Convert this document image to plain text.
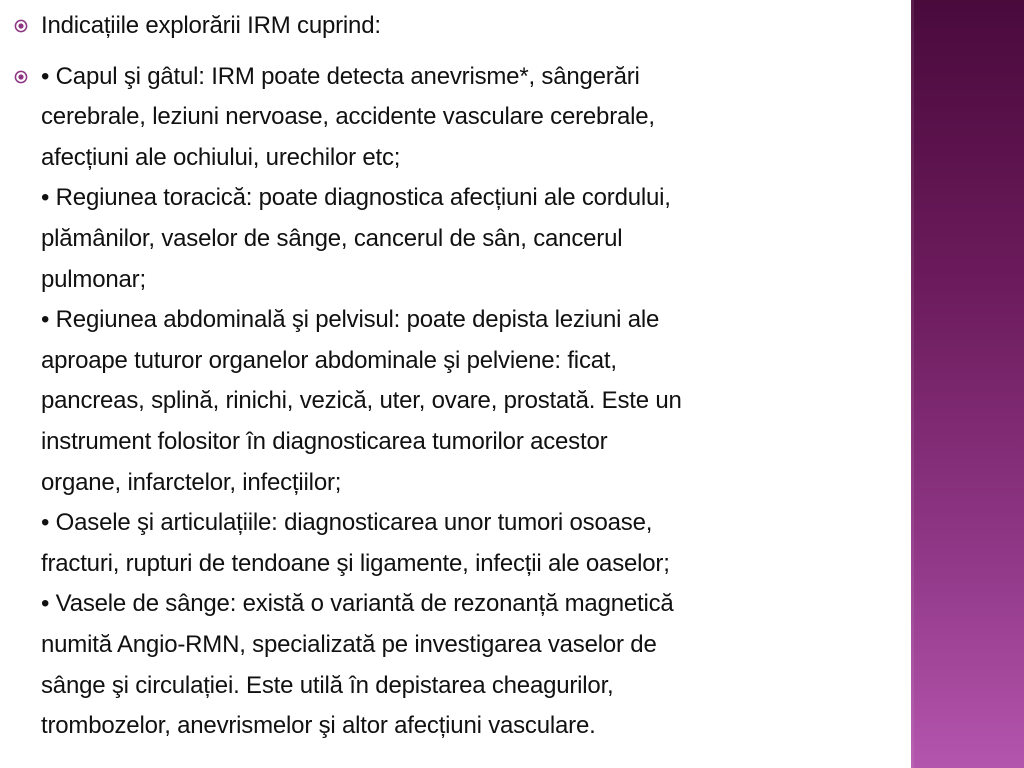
Indicațiile explorării IRM cuprind:
• Capul şi gâtul: IRM poate detecta anevrisme*, sângerări
cerebrale, leziuni nervoase, accidente vasculare cerebrale,
afecțiuni ale ochiului, urechilor etc;
• Regiunea toracică: poate diagnostica afecțiuni ale cordului,
plămânilor, vaselor de sânge, cancerul de sân, cancerul
pulmonar;
• Regiunea abdominală şi pelvisul: poate depista leziuni ale
aproape tuturor organelor abdominale şi pelviene: ficat,
pancreas, splină, rinichi, vezică, uter, ovare, prostată. Este un
instrument folositor în diagnosticarea tumorilor acestor
organe, infarctelor, infecțiilor;
• Oasele şi articulațiile: diagnosticarea unor tumori osoase,
fracturi, rupturi de tendoane şi ligamente, infecții ale oaselor;
• Vasele de sânge: există o variantă de rezonanță magnetică
numită Angio-RMN, specializată pe investigarea vaselor de
sânge şi circulației. Este utilă în depistarea cheagurilor,
trombozelor, anevrismelor şi altor afecțiuni vasculare.
